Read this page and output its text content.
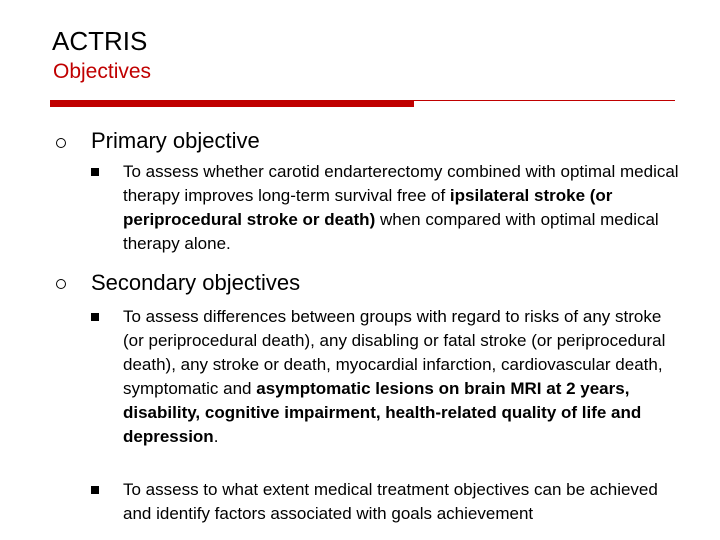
ACTRIS
Objectives
Primary objective
To assess whether carotid endarterectomy combined with optimal medical therapy improves long-term survival free of ipsilateral stroke (or periprocedural stroke or death) when compared with optimal medical therapy alone.
Secondary objectives
To assess differences between groups with regard to risks of any stroke (or periprocedural death), any disabling or fatal stroke (or periprocedural death), any stroke or death, myocardial infarction, cardiovascular death, symptomatic and asymptomatic lesions on brain MRI at 2 years, disability, cognitive impairment, health-related quality of life and depression.
To assess to what extent medical treatment objectives can be achieved and identify factors associated with goals achievement
